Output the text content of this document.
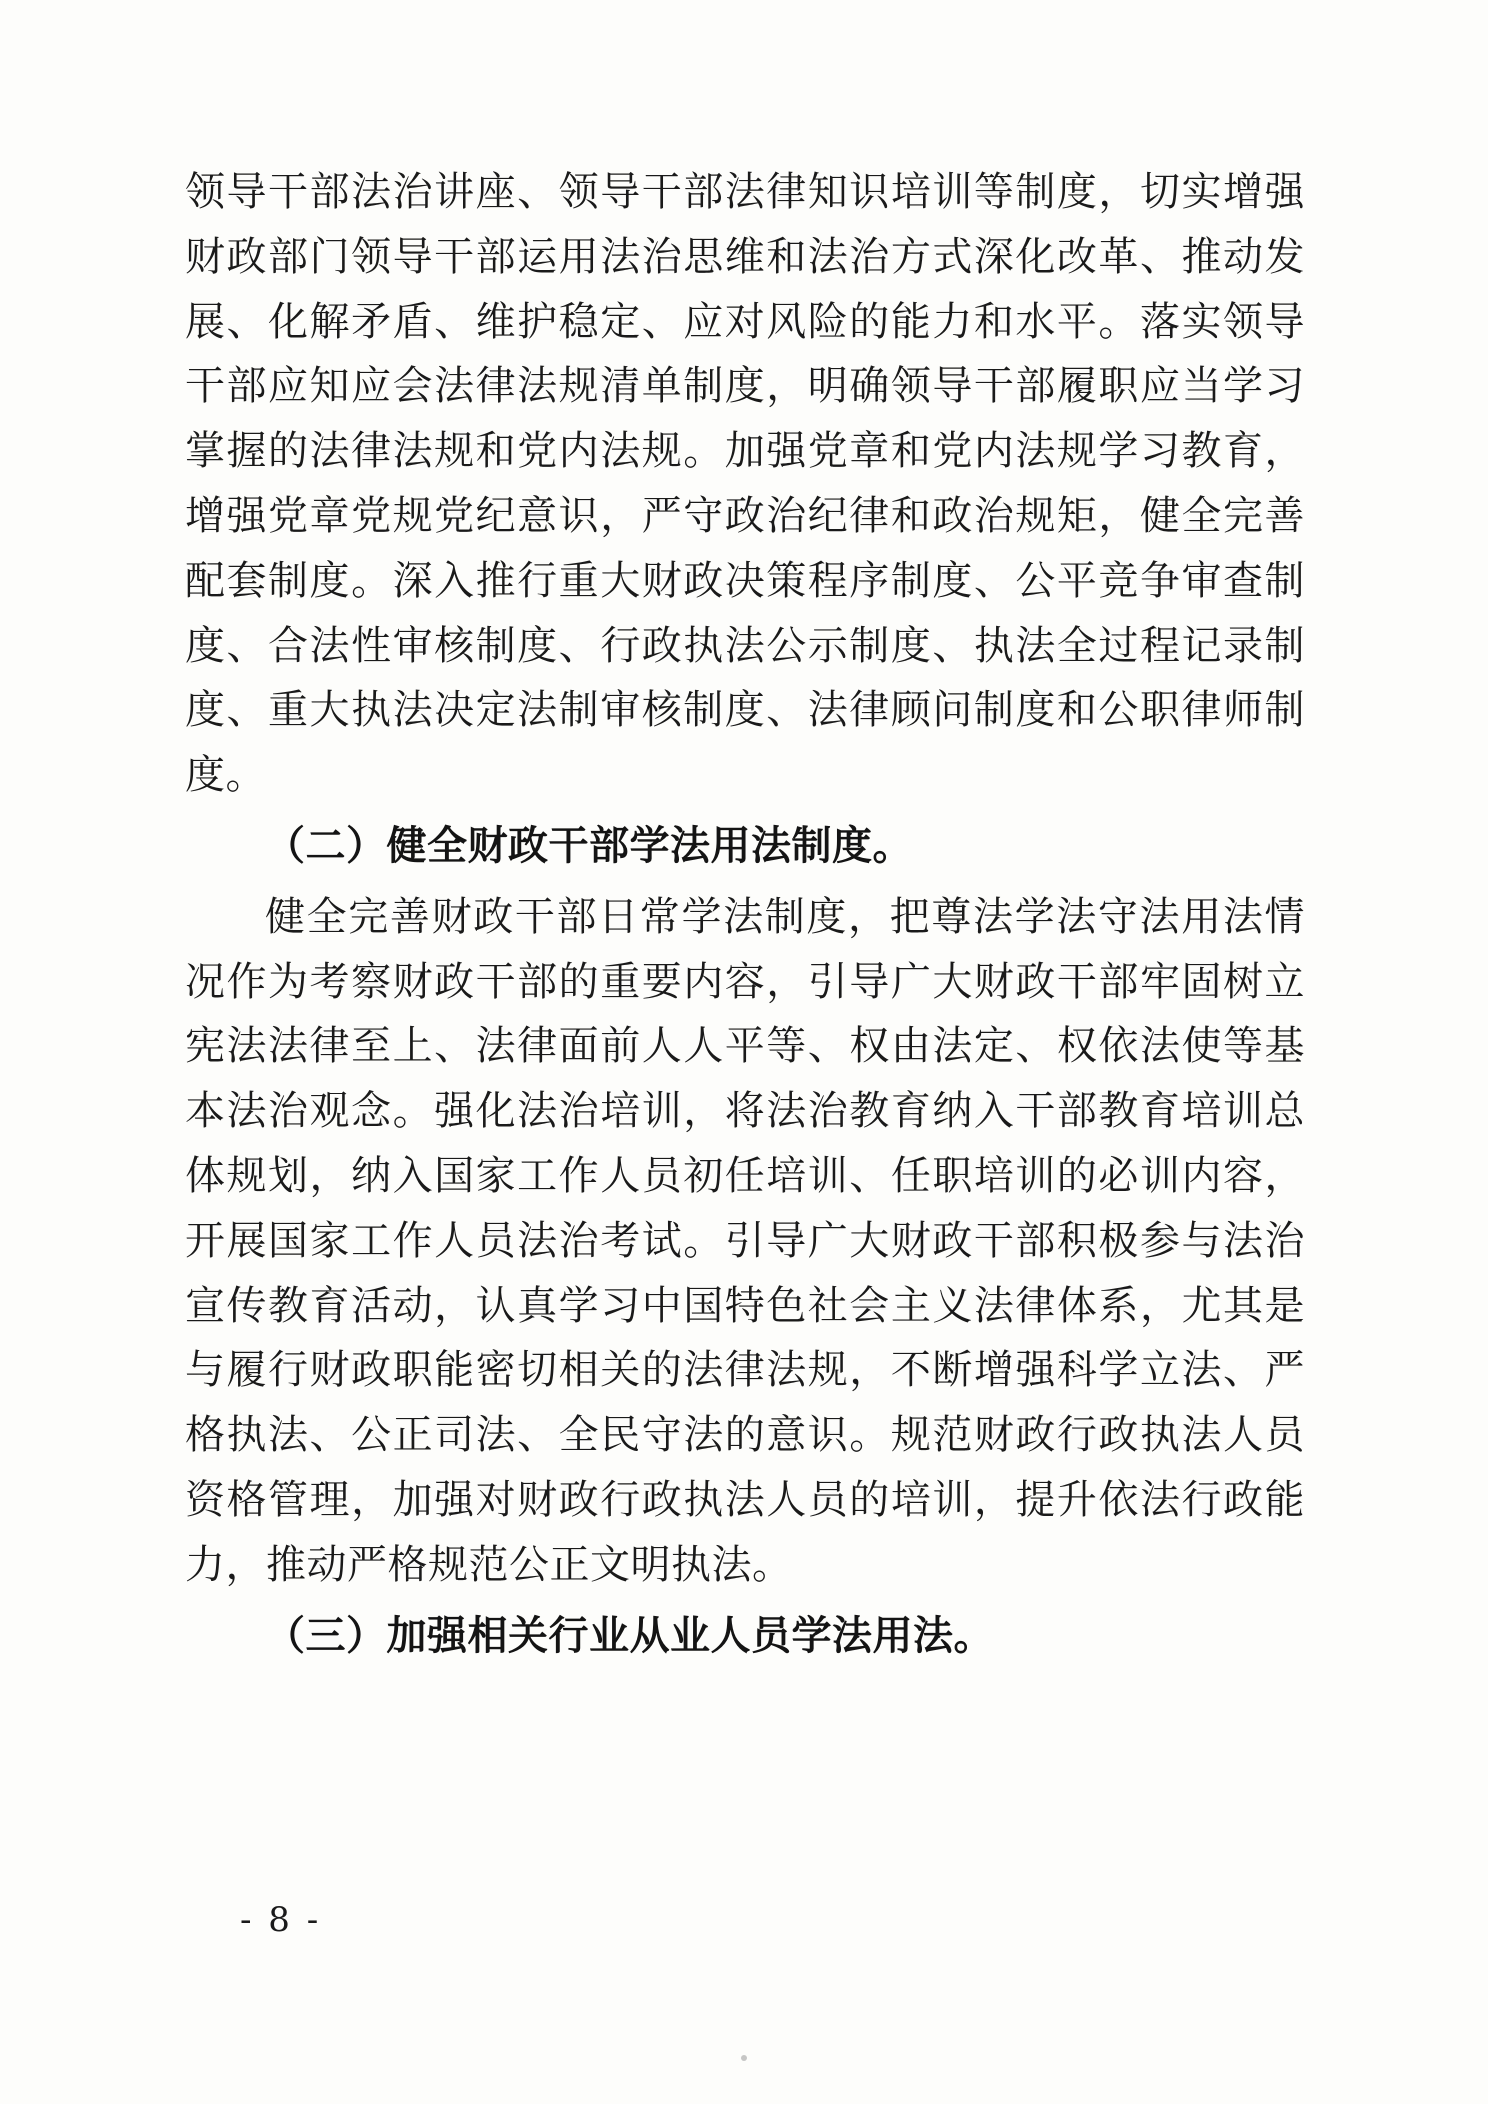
领导干部法治讲座、领导干部法律知识培训等制度，切实增强财政部门领导干部运用法治思维和法治方式深化改革、推动发展、化解矛盾、维护稳定、应对风险的能力和水平。落实领导干部应知应会法律法规清单制度，明确领导干部履职应当学习掌握的法律法规和党内法规。加强党章和党内法规学习教育，增强党章党规党纪意识，严守政治纪律和政治规矩，健全完善配套制度。深入推行重大财政决策程序制度、公平竞争审查制度、合法性审核制度、行政执法公示制度、执法全过程记录制度、重大执法决定法制审核制度、法律顾问制度和公职律师制度。

（二）健全财政干部学法用法制度。

健全完善财政干部日常学法制度，把尊法学法守法用法情况作为考察财政干部的重要内容，引导广大财政干部牢固树立宪法法律至上、法律面前人人平等、权由法定、权依法使等基本法治观念。强化法治培训，将法治教育纳入干部教育培训总体规划，纳入国家工作人员初任培训、任职培训的必训内容，开展国家工作人员法治考试。引导广大财政干部积极参与法治宣传教育活动，认真学习中国特色社会主义法律体系，尤其是与履行财政职能密切相关的法律法规，不断增强科学立法、严格执法、公正司法、全民守法的意识。规范财政行政执法人员资格管理，加强对财政行政执法人员的培训，提升依法行政能力，推动严格规范公正文明执法。

（三）加强相关行业从业人员学法用法。

- 8 -
